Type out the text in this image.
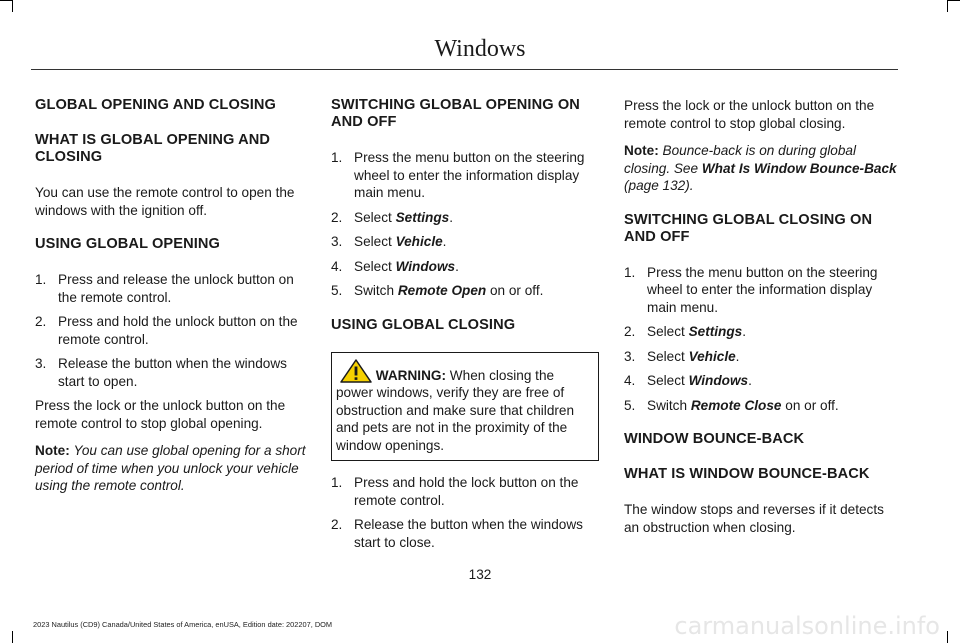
Windows
GLOBAL OPENING AND CLOSING
WHAT IS GLOBAL OPENING AND CLOSING

You can use the remote control to open the windows with the ignition off.

USING GLOBAL OPENING
1. Press and release the unlock button on the remote control.
2. Press and hold the unlock button on the remote control.
3. Release the button when the windows start to open.

Press the lock or the unlock button on the remote control to stop global opening.

Note: You can use global opening for a short period of time when you unlock your vehicle using the remote control.

SWITCHING GLOBAL OPENING ON AND OFF
1. Press the menu button on the steering wheel to enter the information display main menu.
2. Select Settings.
3. Select Vehicle.
4. Select Windows.
5. Switch Remote Open on or off.
USING GLOBAL CLOSING
WARNING: When closing the power windows, verify they are free of obstruction and make sure that children and pets are not in the proximity of the window openings.
1. Press and hold the lock button on the remote control.
2. Release the button when the windows start to close.

Press the lock or the unlock button on the remote control to stop global closing.

Note: Bounce-back is on during global closing. See What Is Window Bounce-Back (page 132).

SWITCHING GLOBAL CLOSING ON AND OFF
1. Press the menu button on the steering wheel to enter the information display main menu.
2. Select Settings.
3. Select Vehicle.
4. Select Windows.
5. Switch Remote Close on or off.
WINDOW BOUNCE-BACK
WHAT IS WINDOW BOUNCE-BACK

The window stops and reverses if it detects an obstruction when closing.

132
2023 Nautilus (CD9) Canada/United States of America, enUSA, Edition date: 202207, DOM	carmanualsonline.info
